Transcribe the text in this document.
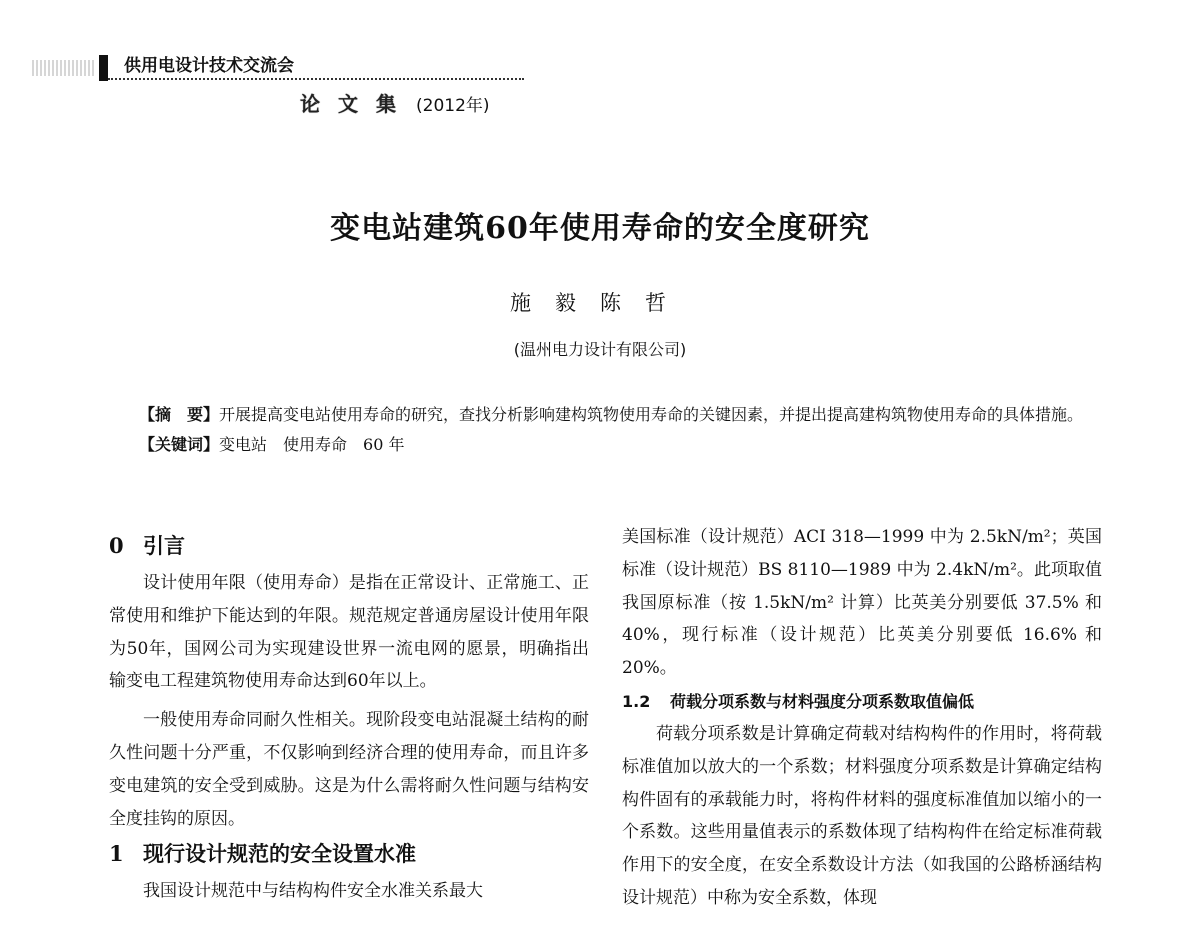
供用电设计技术交流会
论文集 (2012年)
变电站建筑60年使用寿命的安全度研究
施毅陈哲
(温州电力设计有限公司)

【摘　要】开展提高变电站使用寿命的研究，查找分析影响建构筑物使用寿命的关键因素，并提出提高建构筑物使用寿命的具体措施。

【关键词】变电站　使用寿命　60 年

0 引言

设计使用年限（使用寿命）是指在正常设计、正常施工、正常使用和维护下能达到的年限。规范规定普通房屋设计使用年限为50年，国网公司为实现建设世界一流电网的愿景，明确指出输变电工程建筑物使用寿命达到60年以上。

一般使用寿命同耐久性相关。现阶段变电站混凝土结构的耐久性问题十分严重，不仅影响到经济合理的使用寿命，而且许多变电建筑的安全受到威胁。这是为什么需将耐久性问题与结构安全度挂钩的原因。

1 现行设计规范的安全设置水准

我国设计规范中与结构构件安全水准关系最大

美国标准（设计规范）ACI 318—1999 中为 2.5kN/m²；英国标准（设计规范）BS 8110—1989 中为 2.4kN/m²。此项取值我国原标准（按 1.5kN/m² 计算）比英美分别要低 37.5% 和 40%，现行标准（设计规范）比英美分别要低 16.6% 和 20%。

1.2 荷载分项系数与材料强度分项系数取值偏低

荷载分项系数是计算确定荷载对结构构件的作用时，将荷载标准值加以放大的一个系数；材料强度分项系数是计算确定结构构件固有的承载能力时，将构件材料的强度标准值加以缩小的一个系数。这些用量值表示的系数体现了结构构件在给定标准荷载作用下的安全度，在安全系数设计方法（如我国的公路桥涵结构设计规范）中称为安全系数，体现
